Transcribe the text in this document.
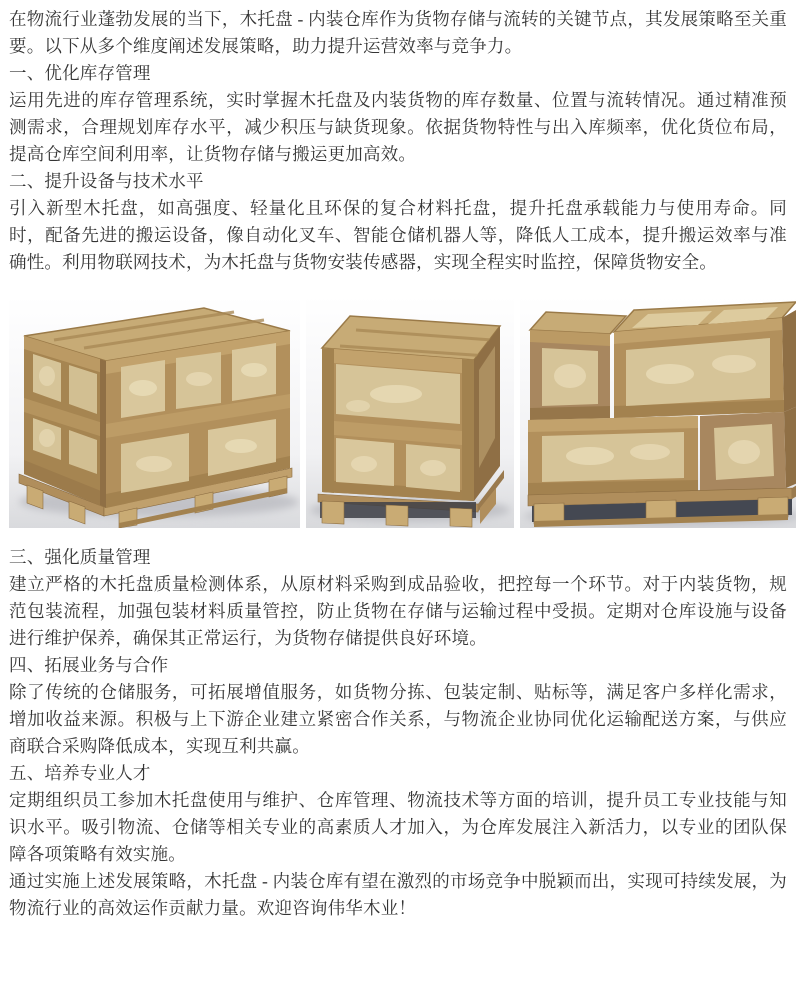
在物流行业蓬勃发展的当下，木托盘 - 内装仓库作为货物存储与流转的关键节点，其发展策略至关重要。以下从多个维度阐述发展策略，助力提升运营效率与竞争力。

一、优化库存管理

运用先进的库存管理系统，实时掌握木托盘及内装货物的库存数量、位置与流转情况。通过精准预测需求，合理规划库存水平，减少积压与缺货现象。依据货物特性与出入库频率，优化货位布局，提高仓库空间利用率，让货物存储与搬运更加高效。

二、提升设备与技术水平

引入新型木托盘，如高强度、轻量化且环保的复合材料托盘，提升托盘承载能力与使用寿命。同时，配备先进的搬运设备，像自动化叉车、智能仓储机器人等，降低人工成本，提升搬运效率与准确性。利用物联网技术，为木托盘与货物安装传感器，实现全程实时监控，保障货物安全。

三、强化质量管理

建立严格的木托盘质量检测体系，从原材料采购到成品验收，把控每一个环节。对于内装货物，规范包装流程，加强包装材料质量管控，防止货物在存储与运输过程中受损。定期对仓库设施与设备进行维护保养，确保其正常运行，为货物存储提供良好环境。

四、拓展业务与合作

除了传统的仓储服务，可拓展增值服务，如货物分拣、包装定制、贴标等，满足客户多样化需求，增加收益来源。积极与上下游企业建立紧密合作关系，与物流企业协同优化运输配送方案，与供应商联合采购降低成本，实现互利共赢。

五、培养专业人才

定期组织员工参加木托盘使用与维护、仓库管理、物流技术等方面的培训，提升员工专业技能与知识水平。吸引物流、仓储等相关专业的高素质人才加入，为仓库发展注入新活力，以专业的团队保障各项策略有效实施。

通过实施上述发展策略，木托盘 - 内装仓库有望在激烈的市场竞争中脱颖而出，实现可持续发展，为物流行业的高效运作贡献力量。欢迎咨询伟华木业！
